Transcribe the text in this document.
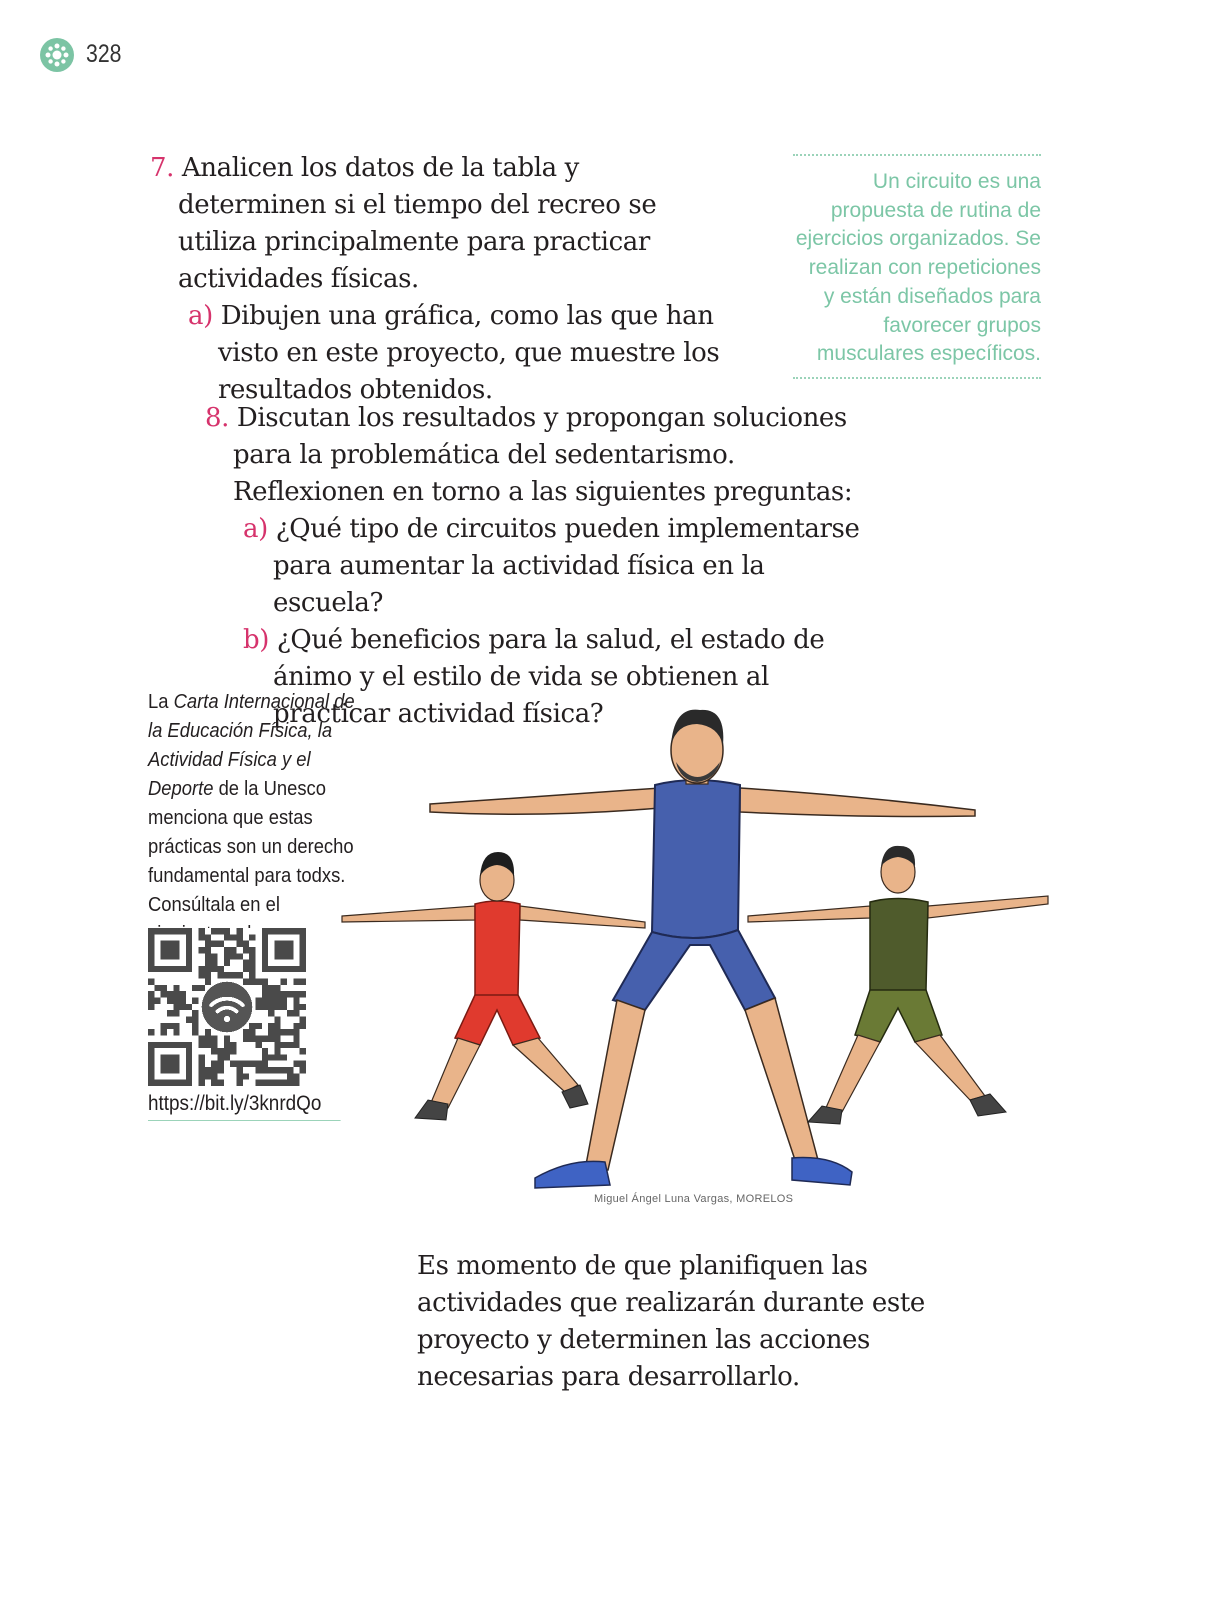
328
7. Analicen los datos de la tabla y determinen si el tiempo del recreo se utiliza principalmente para practicar actividades físicas.
a) Dibujen una gráfica, como las que han visto en este proyecto, que muestre los resultados obtenidos.
Un circuito es una propuesta de rutina de ejercicios organizados. Se realizan con repeticiones y están diseñados para favorecer grupos musculares específicos.
8. Discutan los resultados y propongan soluciones para la problemática del sedentarismo. Reflexionen en torno a las siguientes preguntas:
a) ¿Qué tipo de circuitos pueden implementarse para aumentar la actividad física en la escuela?
b) ¿Qué beneficios para la salud, el estado de ánimo y el estilo de vida se obtienen al practicar actividad física?
La Carta Internacional de la Educación Física, la Actividad Física y el Deporte de la Unesco menciona que estas prácticas son un derecho fundamental para todxs. Consúltala en el
https://bit.ly/3knrdQo
Miguel Ángel Luna Vargas, MORELOS
Es momento de que planifiquen las actividades que realizarán durante este proyecto y determinen las acciones necesarias para desarrollarlo.
